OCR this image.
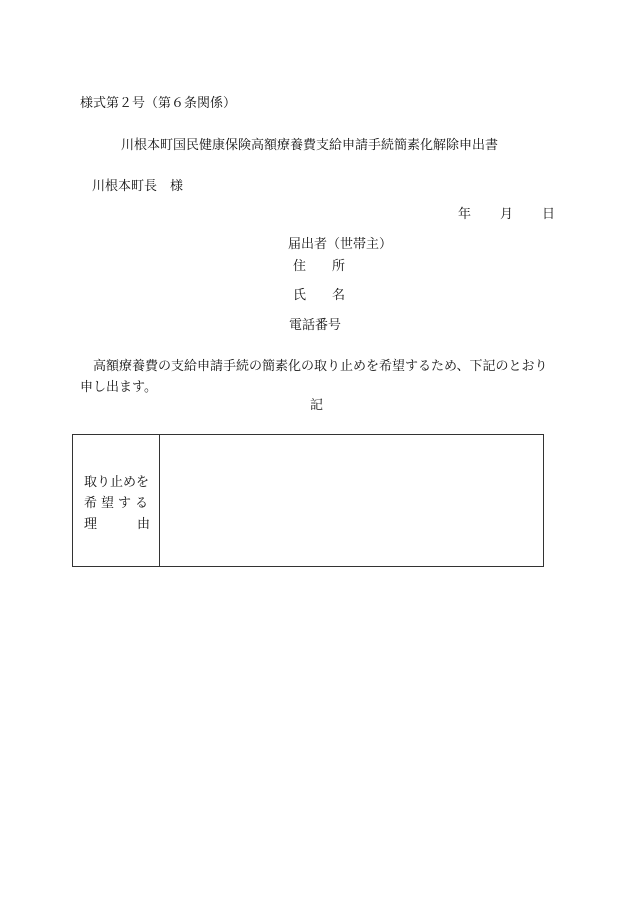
様式第２号（第６条関係）
川根本町国民健康保険高額療養費支給申請手続簡素化解除申出書
川根本町長　様
年 月 日
届出者（世帯主）
住 所
氏 名
電話番号
高額療養費の支給申請手続の簡素化の取り止めを希望するため、下記のとおり申し出ます。
記
取り止めを
希望する
理	由
